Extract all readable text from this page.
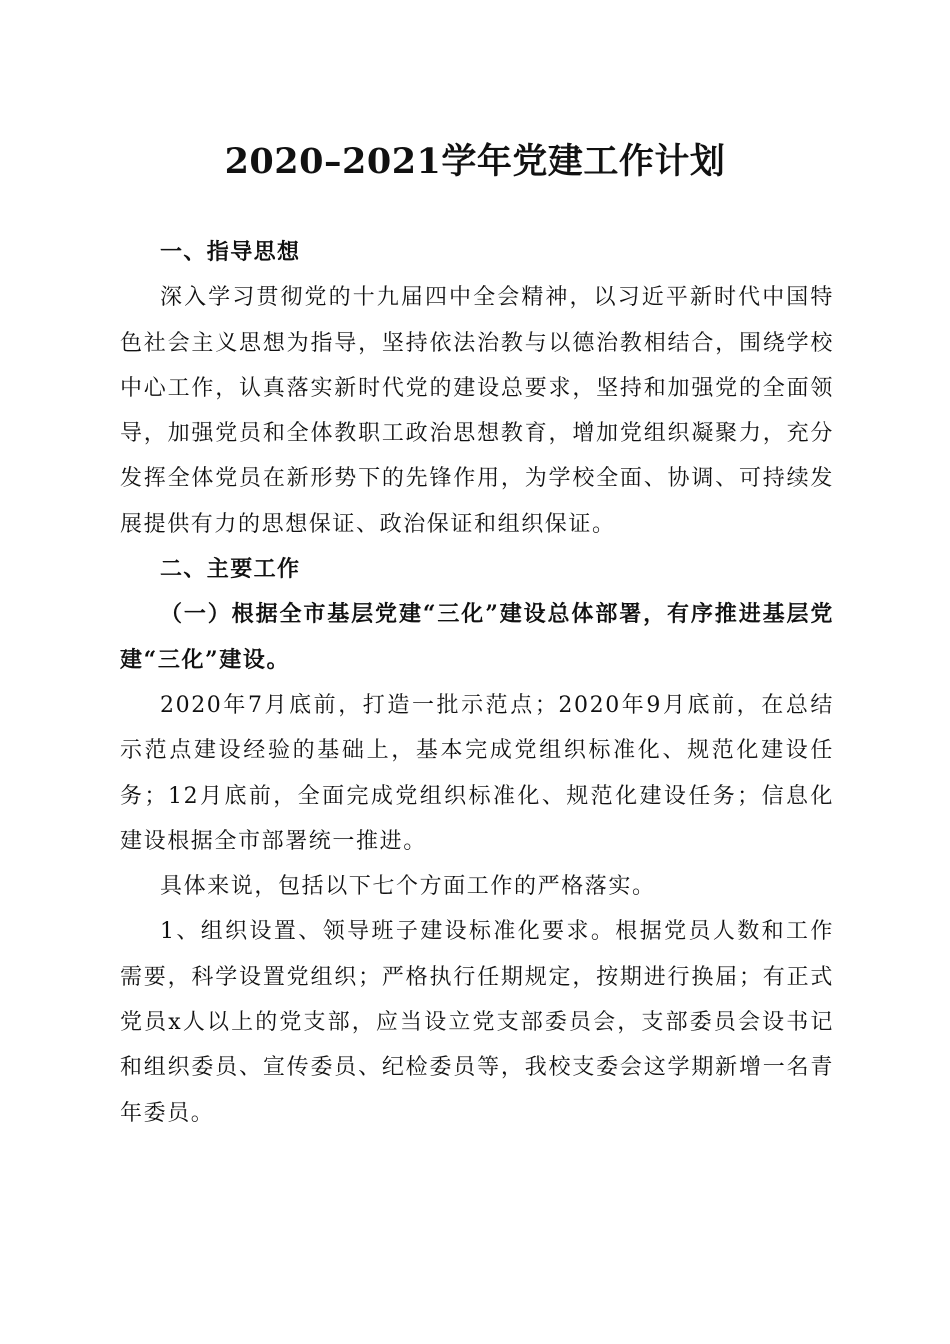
2020–2021学年党建工作计划

一、指导思想

深入学习贯彻党的十九届四中全会精神，以习近平新时代中国特色社会主义思想为指导，坚持依法治教与以德治教相结合，围绕学校中心工作，认真落实新时代党的建设总要求，坚持和加强党的全面领导，加强党员和全体教职工政治思想教育，增加党组织凝聚力，充分发挥全体党员在新形势下的先锋作用，为学校全面、协调、可持续发展提供有力的思想保证、政治保证和组织保证。

二、主要工作

（一）根据全市基层党建“三化”建设总体部署，有序推进基层党建“三化”建设。

2020年7月底前，打造一批示范点；2020年9月底前，在总结示范点建设经验的基础上，基本完成党组织标准化、规范化建设任务；12月底前，全面完成党组织标准化、规范化建设任务；信息化建设根据全市部署统一推进。

具体来说，包括以下七个方面工作的严格落实。

1、组织设置、领导班子建设标准化要求。根据党员人数和工作需要，科学设置党组织；严格执行任期规定，按期进行换届；有正式党员x人以上的党支部，应当设立党支部委员会，支部委员会设书记和组织委员、宣传委员、纪检委员等，我校支委会这学期新增一名青年委员。
